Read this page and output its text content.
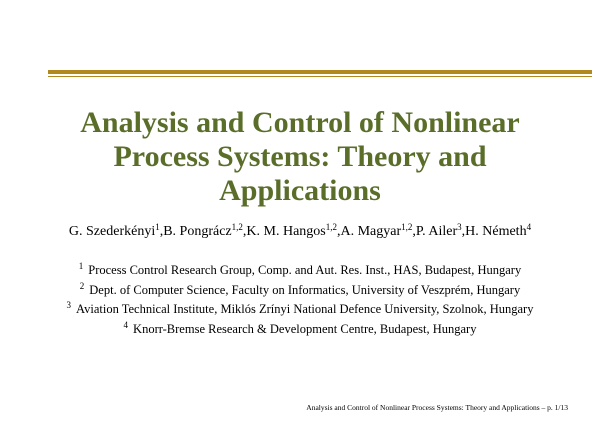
Analysis and Control of Nonlinear
Process Systems: Theory and
Applications
G. Szederkényi$^1$,B. Pongrácz$^{1,2}$,K. M. Hangos$^{1,2}$,A. Magyar$^{1,2}$,P. Ailer$^3$,H. Németh$^4$
$^1$ Process Control Research Group, Comp. and Aut. Res. Inst., HAS, Budapest, Hungary
$^2$ Dept. of Computer Science, Faculty on Informatics, University of Veszprém, Hungary
$^3$ Aviation Technical Institute, Miklós Zrínyi National Defence University, Szolnok, Hungary
$^4$ Knorr-Bremse Research & Development Centre, Budapest, Hungary
Analysis and Control of Nonlinear Process Systems: Theory and Applications – p. 1/13
